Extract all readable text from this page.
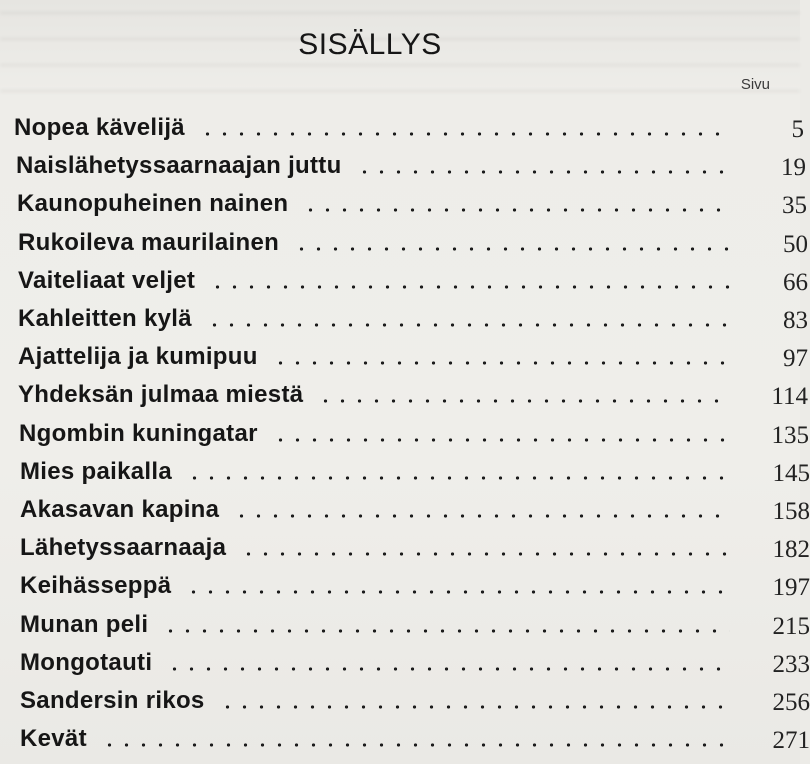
SISÄLLYS
Sivu
Nopea kävelijä	5
Naislähetyssaarnaajan juttu	19
Kaunopuheinen nainen	35
Rukoileva maurilainen	50
Vaiteliaat veljet	66
Kahleitten kylä	83
Ajattelija ja kumipuu	97
Yhdeksän julmaa miestä	114
Ngombin kuningatar	135
Mies paikalla	145
Akasavan kapina	158
Lähetyssaarnaaja	182
Keihässeppä	197
Munan peli	215
Mongotauti	233
Sandersin rikos	256
Kevät	271
